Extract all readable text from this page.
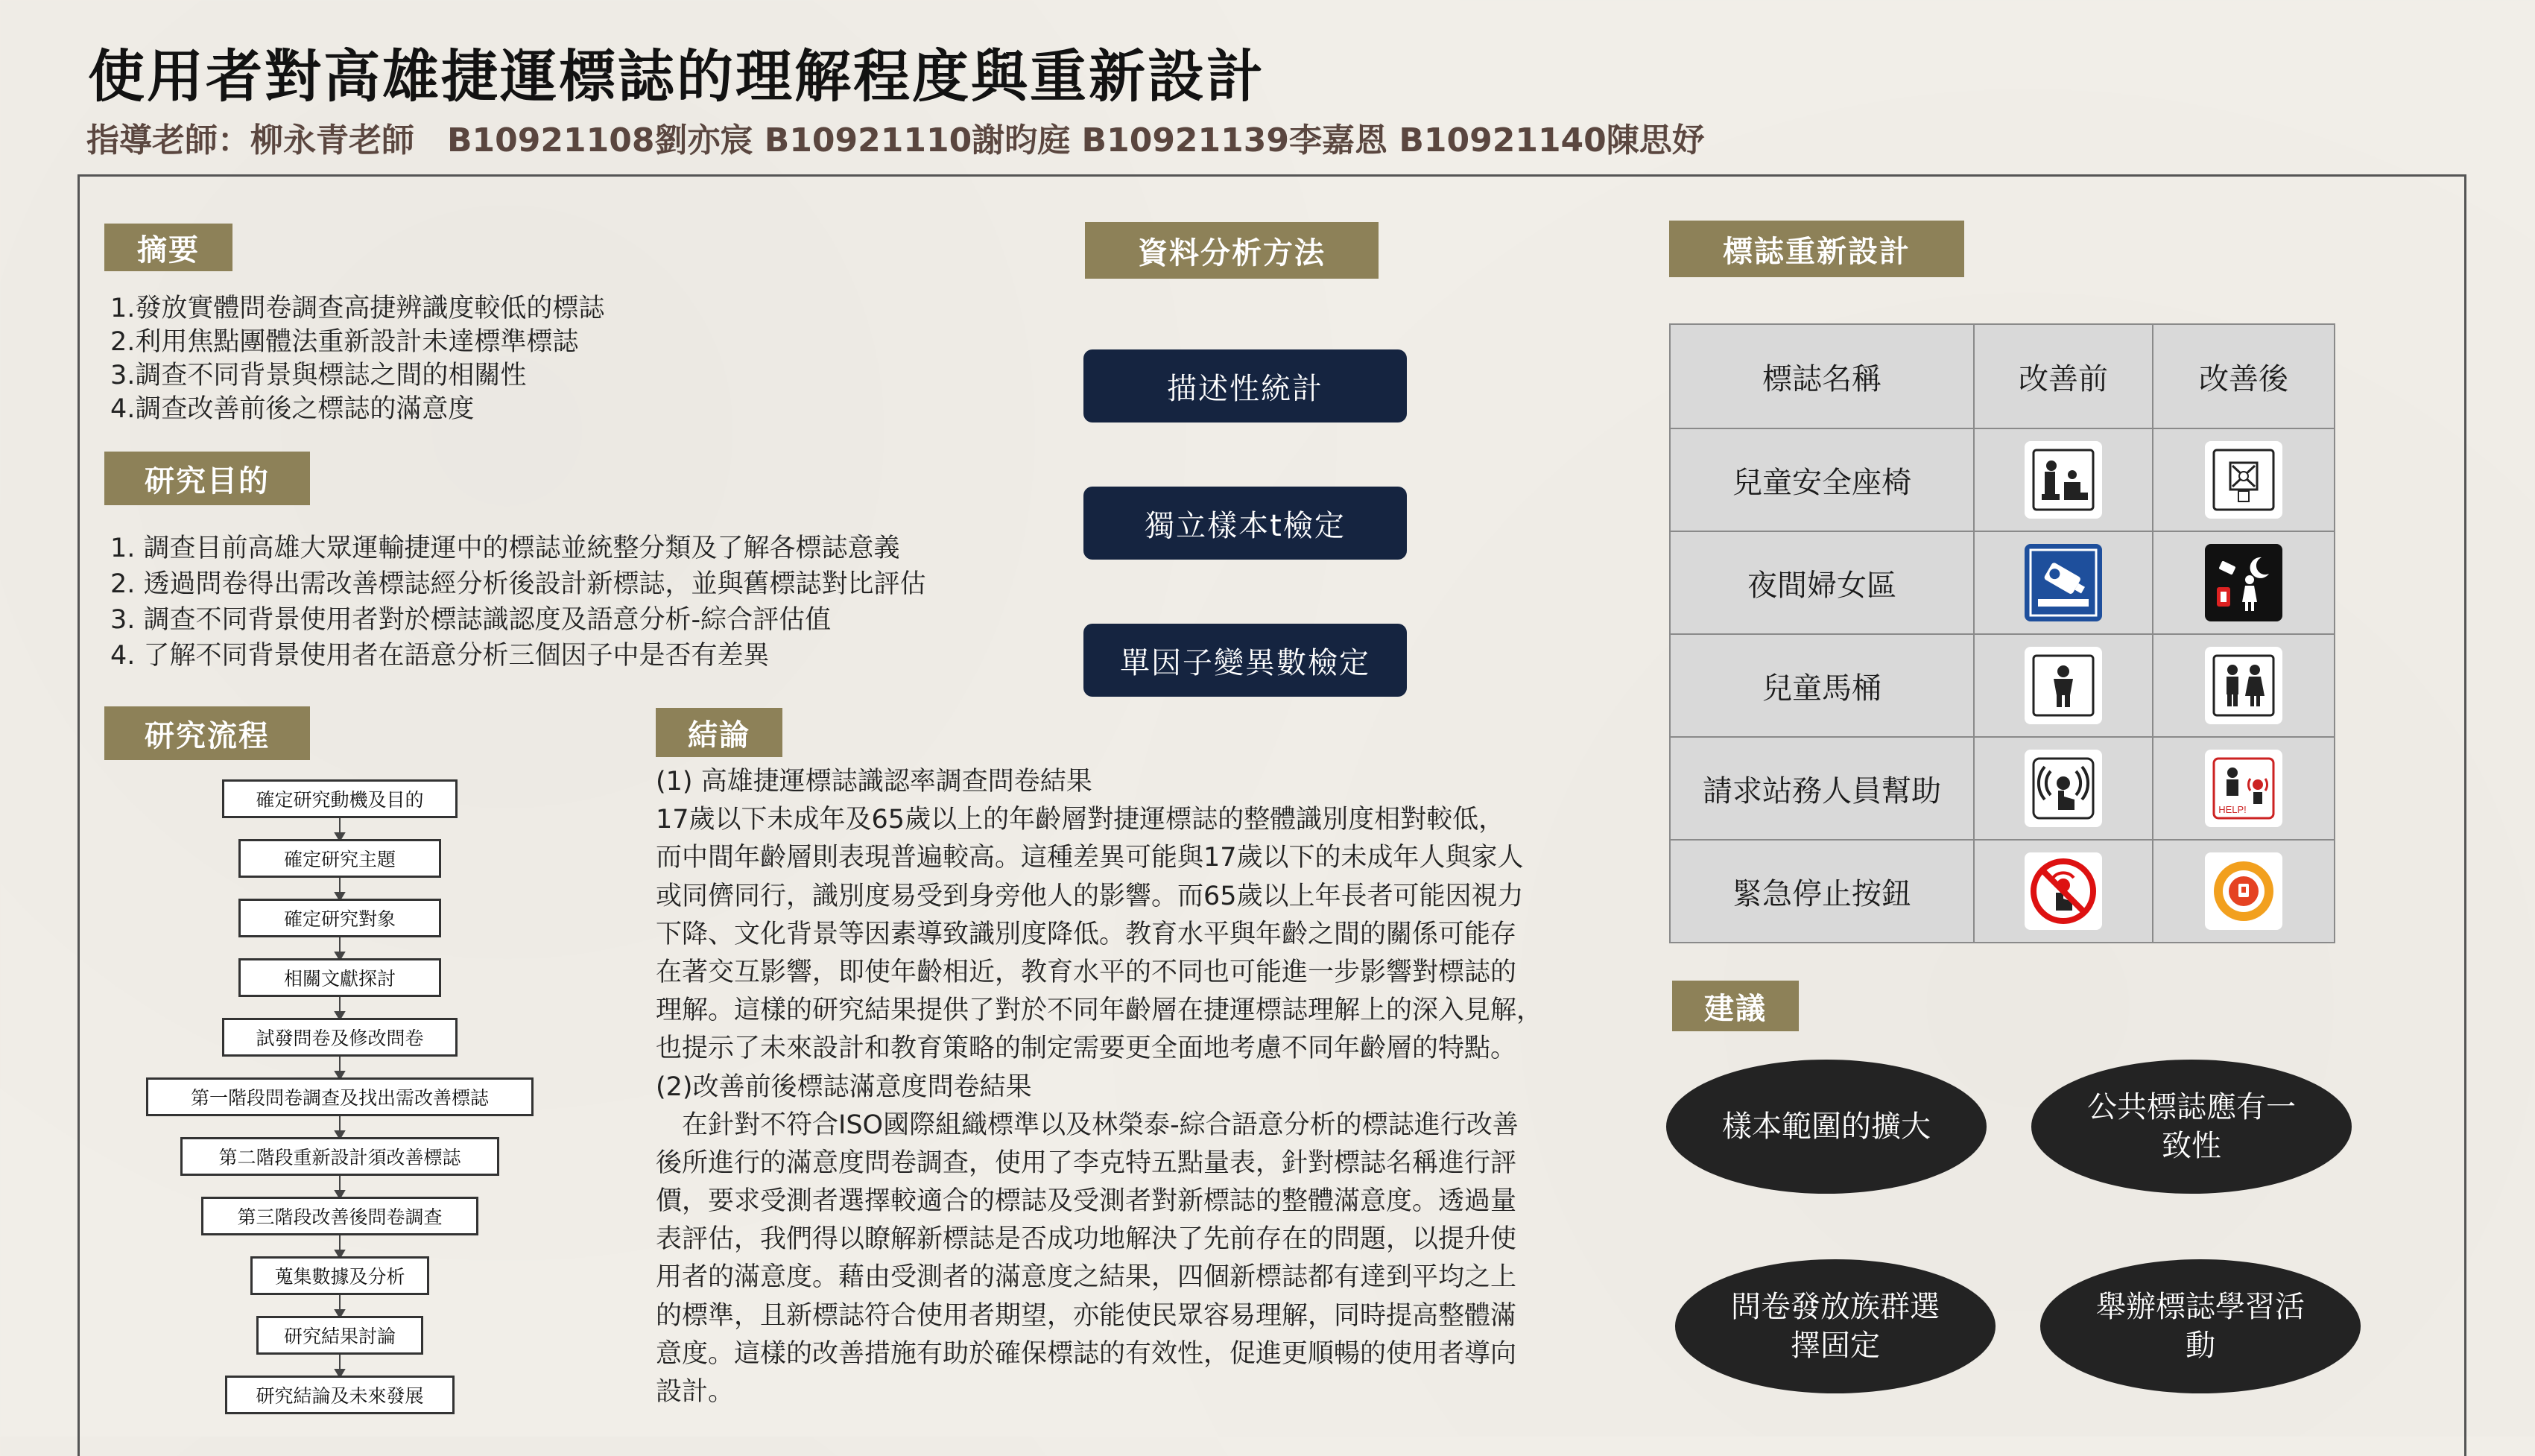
使用者對高雄捷運標誌的理解程度與重新設計
指導老師：柳永青老師　B10921108劉亦宸 B10921110謝昀庭 B10921139李嘉恩 B10921140陳思妤
摘要
1.發放實體問卷調查高捷辨識度較低的標誌
2.利用焦點團體法重新設計未達標準標誌
3.調查不同背景與標誌之間的相關性
4.調查改善前後之標誌的滿意度
研究目的
1. 調查目前高雄大眾運輸捷運中的標誌並統整分類及了解各標誌意義
2. 透過問卷得出需改善標誌經分析後設計新標誌，並與舊標誌對比評估
3. 調查不同背景使用者對於標誌識認度及語意分析-綜合評估值
4. 了解不同背景使用者在語意分析三個因子中是否有差異
資料分析方法
描述性統計
獨立樣本t檢定
單因子變異數檢定
研究流程
確定研究動機及目的
確定研究主題
確定研究對象
相關文獻探討
試發問卷及修改問卷
第一階段問卷調查及找出需改善標誌
第二階段重新設計須改善標誌
第三階段改善後問卷調查
蒐集數據及分析
研究結果討論
研究結論及未來發展
結論
(1) 高雄捷運標誌識認率調查問卷結果
17歲以下未成年及65歲以上的年齡層對捷運標誌的整體識別度相對較低，
而中間年齡層則表現普遍較高。這種差異可能與17歲以下的未成年人與家人
或同儕同行，識別度易受到身旁他人的影響。而65歲以上年長者可能因視力
下降、文化背景等因素導致識別度降低。教育水平與年齡之間的關係可能存
在著交互影響，即使年齡相近，教育水平的不同也可能進一步影響對標誌的
理解。這樣的研究結果提供了對於不同年齡層在捷運標誌理解上的深入見解，
也提示了未來設計和教育策略的制定需要更全面地考慮不同年齡層的特點。
(2)改善前後標誌滿意度問卷結果
　在針對不符合ISO國際組織標準以及林榮泰-綜合語意分析的標誌進行改善
後所進行的滿意度問卷調查，使用了李克特五點量表，針對標誌名稱進行評
價，要求受測者選擇較適合的標誌及受測者對新標誌的整體滿意度。透過量
表評估，我們得以瞭解新標誌是否成功地解決了先前存在的問題，以提升使
用者的滿意度。藉由受測者的滿意度之結果，四個新標誌都有達到平均之上
的標準，且新標誌符合使用者期望，亦能使民眾容易理解，同時提高整體滿
意度。這樣的改善措施有助於確保標誌的有效性，促進更順暢的使用者導向
設計。
標誌重新設計
標誌名稱	改善前	改善後
兒童安全座椅	

夜間婦女區	

兒童馬桶	

請求站務人員幫助		HELP!

緊急停止按鈕	

建議
樣本範圍的擴大
公共標誌應有一致性
問卷發放族群選擇固定
舉辦標誌學習活動
